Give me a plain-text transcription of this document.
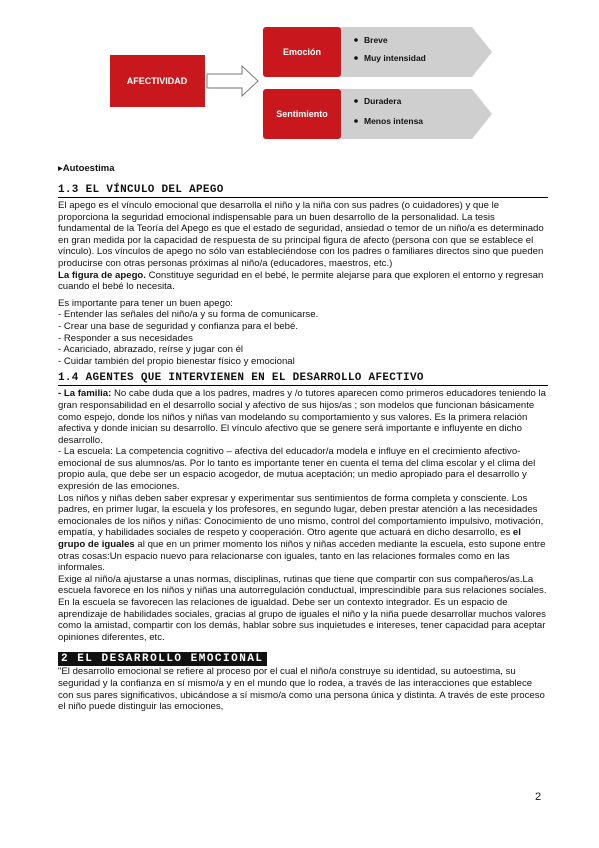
AFECTIVIDAD
Emoción
Sentimiento
Breve
Muy intensidad
Duradera
Menos intensa
▸Autoestima
1.3 EL VÍNCULO DEL APEGO

El apego es el vínculo emocional que desarrolla el niño y la niña con sus padres (o cuidadores) y que le proporciona la seguridad emocional indispensable para un buen desarrollo de la personalidad. La tesis fundamental de la Teoría del Apego es que el estado de seguridad, ansiedad o temor de un niño/a es determinado en gran medida por la capacidad de respuesta de su principal figura de afecto (persona con que se establece el vínculo). Los vínculos de apego no sólo van estableciéndose con los padres o familiares directos sino que pueden producirse con otras personas próximas al niño/a (educadores, maestros, etc.)

La figura de apego. Constituye seguridad en el bebé, le permite alejarse para que exploren el entorno y regresan cuando el bebé lo necesita.

Es importante para tener un buen apego:

- Entender las señales del niño/a y su forma de comunicarse.

- Crear una base de seguridad y confianza para el bebé.

- Responder a sus necesidades

- Acariciado, abrazado, reírse y jugar con él

- Cuidar también del propio bienestar físico y emocional

1.4 AGENTES QUE INTERVIENEN EN EL DESARROLLO AFECTIVO

- La familia: No cabe duda que a los padres, madres y /o tutores aparecen como primeros educadores teniendo la gran responsabilidad en el desarrollo social y afectivo de sus hijos/as ; son modelos que funcionan básicamente como espejo, donde los niños y niñas van modelando su comportamiento y sus valores. Es la primera relación afectiva y donde inician su desarrollo. El vínculo afectivo que se genere será importante e influyente en dicho desarrollo.

- La escuela: La competencia cognitivo – afectiva del educador/a modela e influye en el crecimiento afectivo-emocional de sus alumnos/as. Por lo tanto es importante tener en cuenta el tema del clima escolar y el clima del propio aula, que debe ser un espacio acogedor, de mutua aceptación; un medio apropiado para el desarrollo y expresión de las emociones.

Los niños y niñas deben saber expresar y experimentar sus sentimientos de forma completa y consciente. Los padres, en primer lugar, la escuela y los profesores, en segundo lugar, deben prestar atención a las necesidades emocionales de los niños y niñas: Conocimiento de uno mismo, control del comportamiento impulsivo, motivación, empatía, y habilidades sociales de respeto y cooperación. Otro agente que actuará en dicho desarrollo, es el grupo de iguales al que en un primer momento los niños y niñas acceden mediante la escuela, esto supone entre otras cosas:Un espacio nuevo para relacionarse con iguales, tanto en las relaciones formales como en las informales.

Exige al niño/a ajustarse a unas normas, disciplinas, rutinas que tiene que compartir con sus compañeros/as.La escuela favorece en los niños y niñas una autorregulación conductual, imprescindible para sus relaciones sociales.

En la escuela se favorecen las relaciones de igualdad. Debe ser un contexto integrador. Es un espacio de aprendizaje de habilidades sociales, gracias al grupo de iguales el niño y la niña puede desarrollar muchos valores como la amistad, compartir con los demás, hablar sobre sus inquietudes e intereses, tener capacidad para aceptar opiniones diferentes, etc.

2 EL DESARROLLO EMOCIONAL

"El desarrollo emocional se refiere al proceso por el cual el niño/a construye su identidad, su autoestima, su seguridad y la confianza en sí mismo/a y en el mundo que lo rodea, a través de las interacciones que establece con sus pares significativos, ubicándose a sí mismo/a como una persona única y distinta. A través de este proceso el niño puede distinguir las emociones,

2
